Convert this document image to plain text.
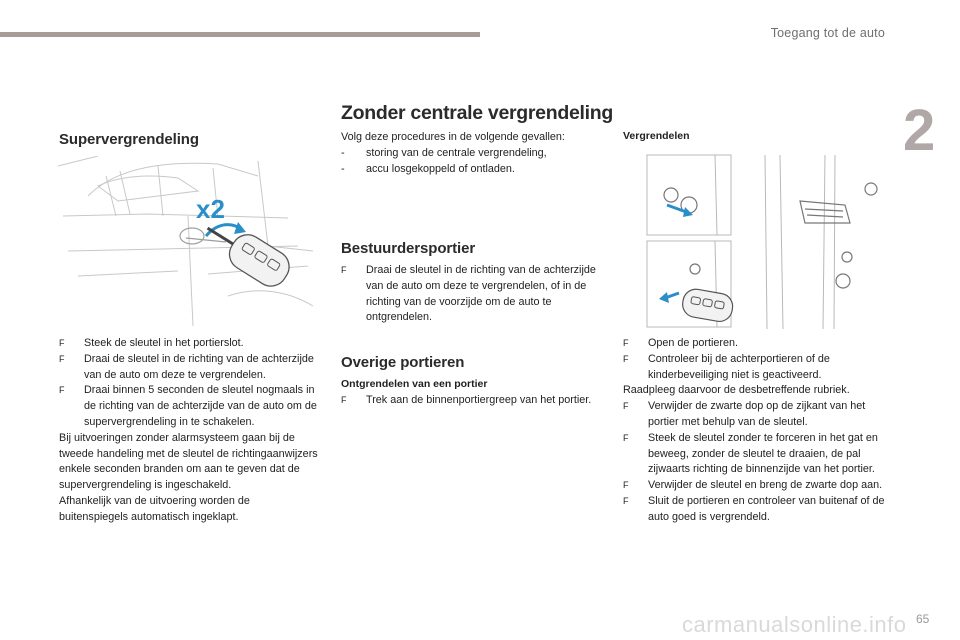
Toegang tot de auto
2
Supervergrendeling
x2
F Steek de sleutel in het portierslot.
F Draai de sleutel in de richting van de achterzijde van de auto om deze te vergrendelen.
F Draai binnen 5 seconden de sleutel nogmaals in de richting van de achterzijde van de auto om de supervergrendeling in te schakelen.

Bij uitvoeringen zonder alarmsysteem gaan bij de tweede handeling met de sleutel de richtingaanwijzers enkele seconden branden om aan te geven dat de supervergrendeling is ingeschakeld.

Afhankelijk van de uitvoering worden de buitenspiegels automatisch ingeklapt.

Zonder centrale vergrendeling

Volg deze procedures in de volgende gevallen:

- storing van de centrale vergrendeling,
- accu losgekoppeld of ontladen.
Bestuurdersportier
F Draai de sleutel in de richting van de achterzijde van de auto om deze te vergrendelen, of in de richting van de voorzijde om de auto te ontgrendelen.
Overige portieren

Ontgrendelen van een portier

F Trek aan de binnenportiergreep van het portier.

Vergrendelen

F Open de portieren.
F Controleer bij de achterportieren of de kinderbeveiliging niet is geactiveerd.

Raadpleeg daarvoor de desbetreffende rubriek.

F Verwijder de zwarte dop op de zijkant van het portier met behulp van de sleutel.
F Steek de sleutel zonder te forceren in het gat en beweeg, zonder de sleutel te draaien, de pal zijwaarts richting de binnenzijde van het portier.
F Verwijder de sleutel en breng de zwarte dop aan.
F Sluit de portieren en controleer van buitenaf of de auto goed is vergrendeld.
carmanualsonline.info 65
